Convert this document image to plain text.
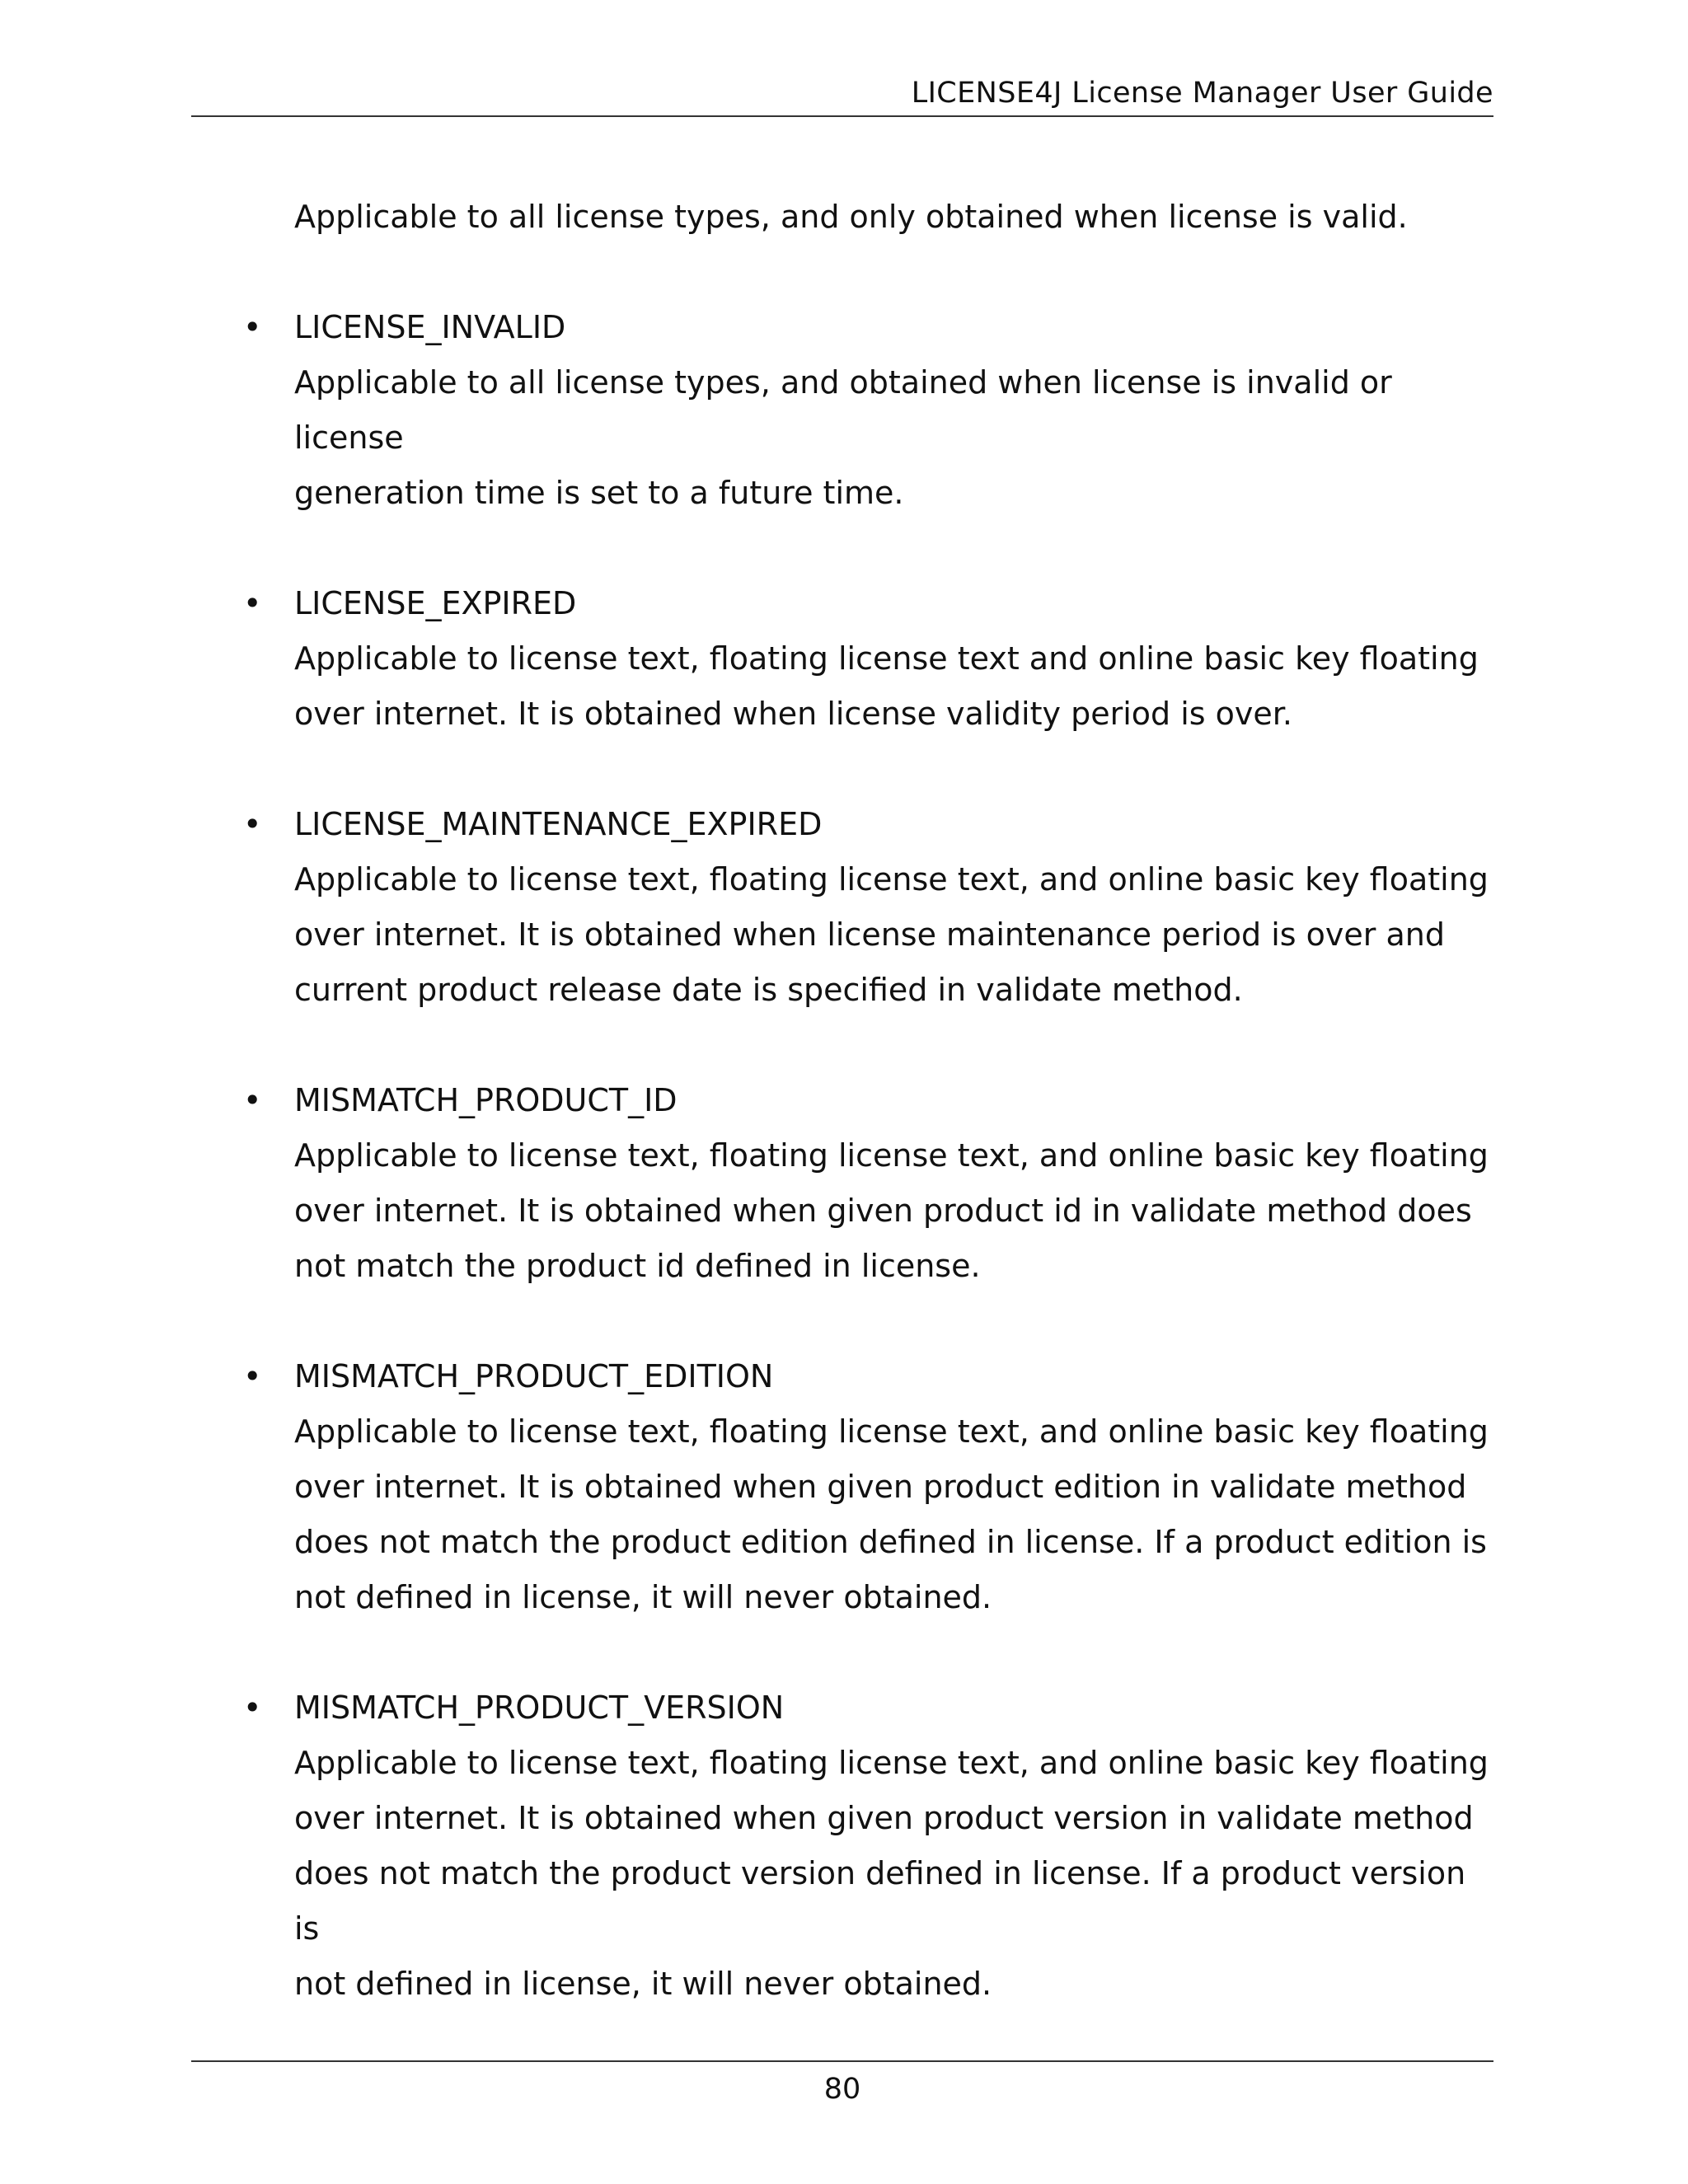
LICENSE4J License Manager User Guide

Applicable to all license types, and only obtained when license is valid.

• LICENSE_INVALID
Applicable to all license types, and obtained when license is invalid or license
generation time is set to a future time.
• LICENSE_EXPIRED
Applicable to license text, floating license text and online basic key floating
over internet. It is obtained when license validity period is over.
• LICENSE_MAINTENANCE_EXPIRED
Applicable to license text, floating license text, and online basic key floating
over internet. It is obtained when license maintenance period is over and
current product release date is specified in validate method.
• MISMATCH_PRODUCT_ID
Applicable to license text, floating license text, and online basic key floating
over internet. It is obtained when given product id in validate method does
not match the product id defined in license.
• MISMATCH_PRODUCT_EDITION
Applicable to license text, floating license text, and online basic key floating
over internet. It is obtained when given product edition in validate method
does not match the product edition defined in license. If a product edition is
not defined in license, it will never obtained.
• MISMATCH_PRODUCT_VERSION
Applicable to license text, floating license text, and online basic key floating
over internet. It is obtained when given product version in validate method
does not match the product version defined in license. If a product version is
not defined in license, it will never obtained.
80
